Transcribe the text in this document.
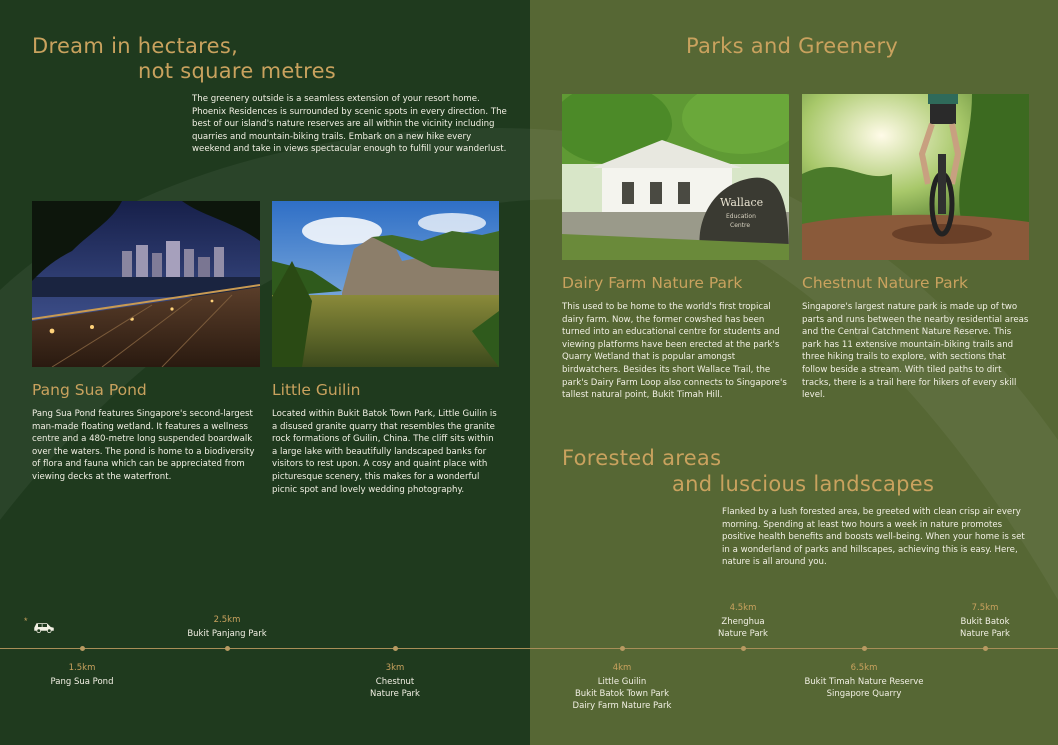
Dream in hectares,
not square metres

The greenery outside is a seamless extension of your resort home. Phoenix Residences is surrounded by scenic spots in every direction. The best of our island's nature reserves are all within the vicinity including quarries and mountain-biking trails. Embark on a new hike every weekend and take in views spectacular enough to fulfill your wanderlust.

Pang Sua Pond

Pang Sua Pond features Singapore's second-largest man-made floating wetland. It features a wellness centre and a 480-metre long suspended boardwalk over the waters. The pond is home to a biodiversity of flora and fauna which can be appreciated from viewing decks at the waterfront.

Little Guilin

Located within Bukit Batok Town Park, Little Guilin is a disused granite quarry that resembles the granite rock formations of Guilin, China. The cliff sits within a large lake with beautifully landscaped banks for visitors to rest upon. A cosy and quaint place with picturesque scenery, this makes for a wonderful picnic spot and lovely wedding photography.

Parks and Greenery
Wallace
Education
Centre
Dairy Farm Nature Park

This used to be home to the world's first tropical dairy farm. Now, the former cowshed has been turned into an educational centre for students and viewing platforms have been erected at the park's Quarry Wetland that is popular amongst birdwatchers. Besides its short Wallace Trail, the park's Dairy Farm Loop also connects to Singapore's tallest natural point, Bukit Timah Hill.

Chestnut Nature Park

Singapore's largest nature park is made up of two parts and runs between the nearby residential areas and the Central Catchment Nature Reserve. This park has 11 extensive mountain-biking trails and three hiking trails to explore, with sections that follow beside a stream. With tiled paths to dirt tracks, there is a trail here for hikers of every skill level.

Forested areas
and luscious landscapes

Flanked by a lush forested area, be greeted with clean crisp air every morning. Spending at least two hours a week in nature promotes positive health benefits and boosts well-being. When your home is set in a wonderland of parks and hillscapes, achieving this is easy. Here, nature is all around you.

*
1.5km
Pang Sua Pond
2.5km
Bukit Panjang Park
3km
Chestnut
Nature Park
4km
Little Guilin
Bukit Batok Town Park
Dairy Farm Nature Park
4.5km
Zhenghua
Nature Park
6.5km
Bukit Timah Nature Reserve
Singapore Quarry
7.5km
Bukit Batok
Nature Park
